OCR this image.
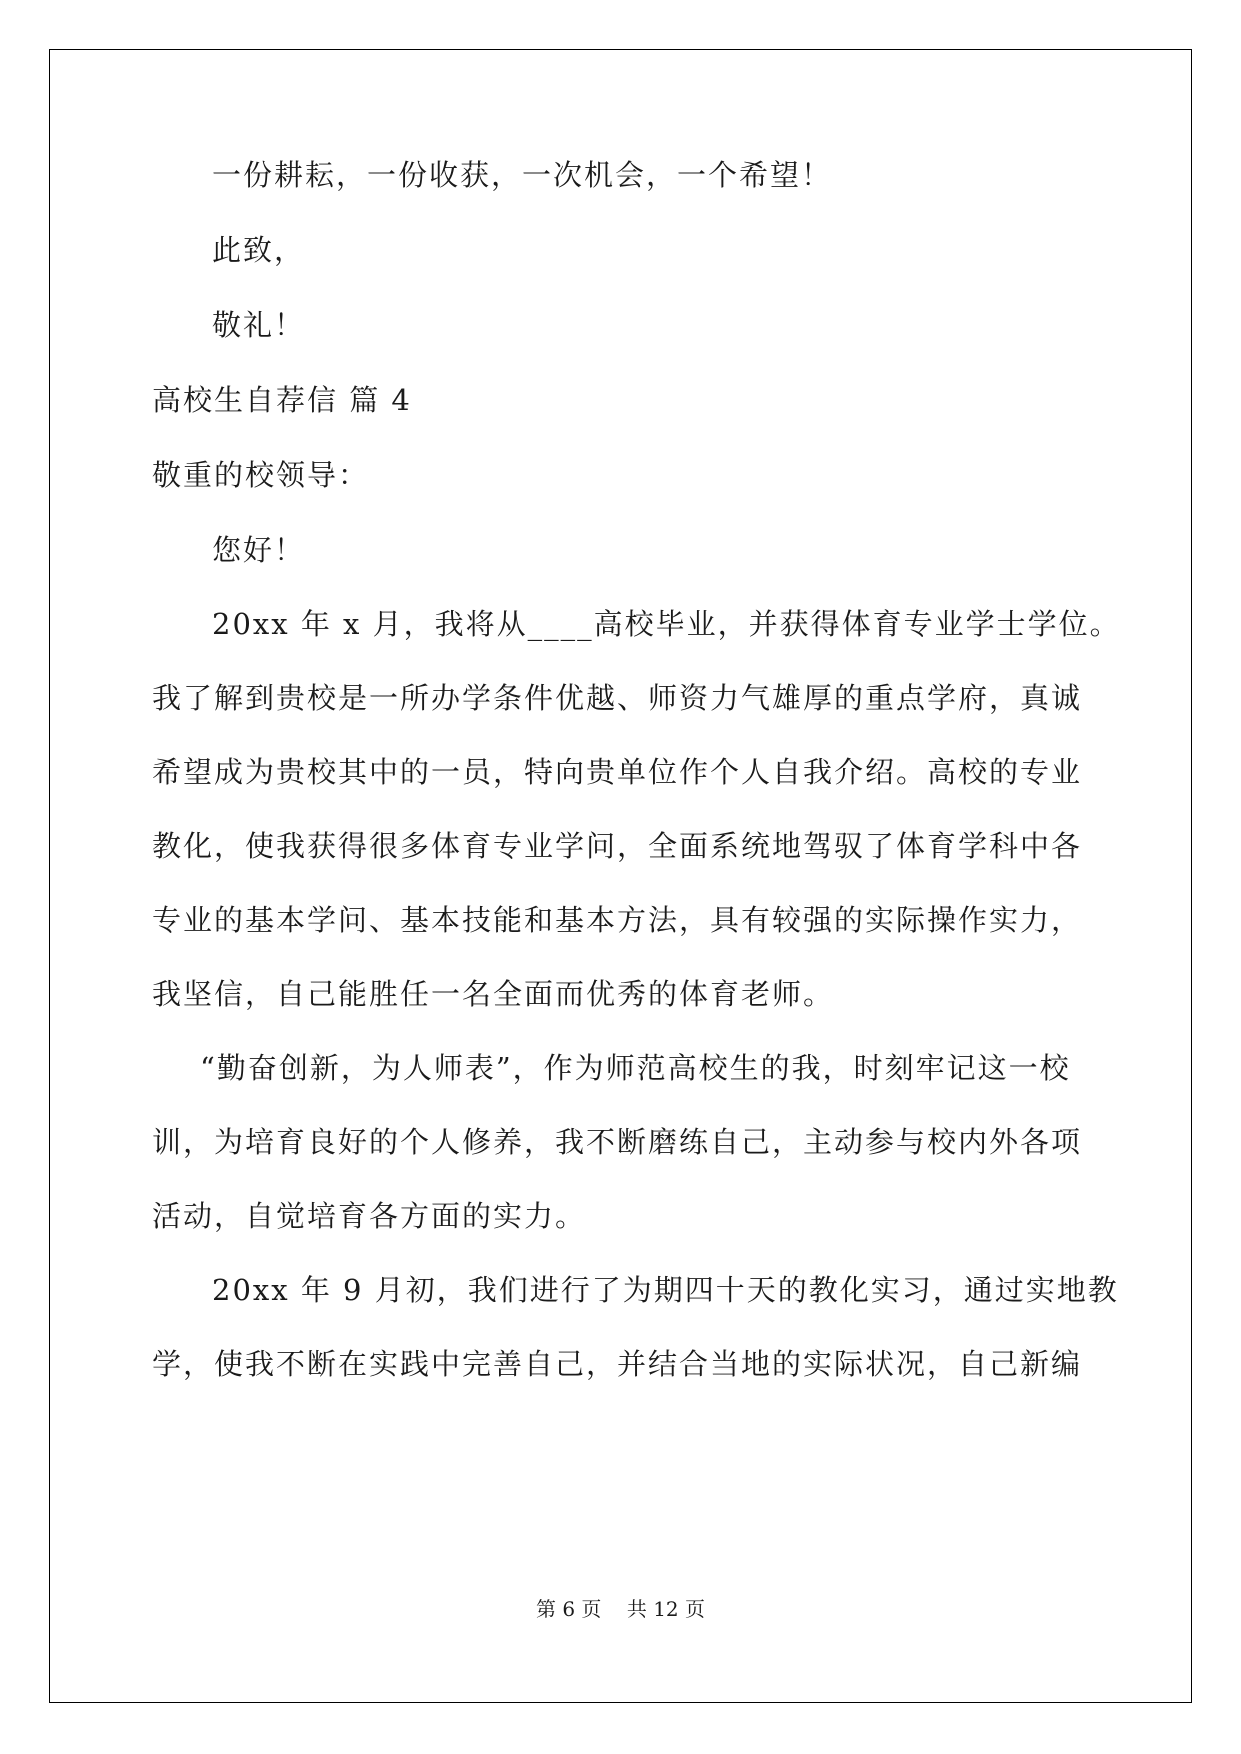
一份耕耘，一份收获，一次机会，一个希望！
此致，
敬礼！
高校生自荐信 篇 4
敬重的校领导：
您好！
20xx 年 x 月，我将从____高校毕业，并获得体育专业学士学位。
我了解到贵校是一所办学条件优越、师资力气雄厚的重点学府，真诚
希望成为贵校其中的一员，特向贵单位作个人自我介绍。高校的专业
教化，使我获得很多体育专业学问，全面系统地驾驭了体育学科中各
专业的基本学问、基本技能和基本方法，具有较强的实际操作实力，
我坚信，自己能胜任一名全面而优秀的体育老师。
“勤奋创新，为人师表”，作为师范高校生的我，时刻牢记这一校
训，为培育良好的个人修养，我不断磨练自己，主动参与校内外各项
活动，自觉培育各方面的实力。
20xx 年 9 月初，我们进行了为期四十天的教化实习，通过实地教
学，使我不断在实践中完善自己，并结合当地的实际状况，自己新编
第 6 页    共 12 页
